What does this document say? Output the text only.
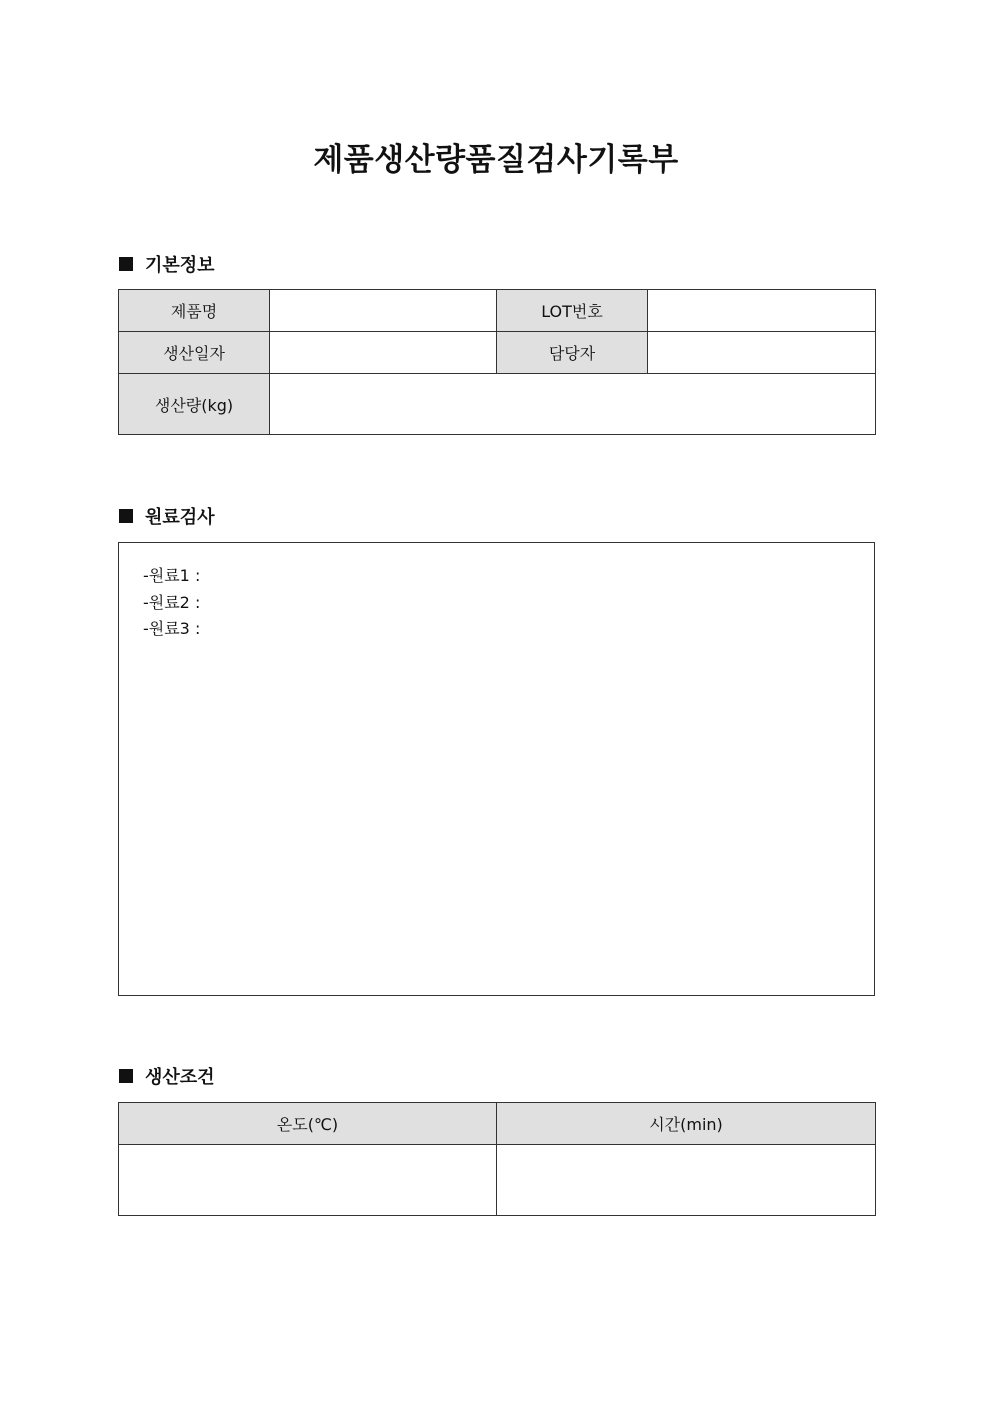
제품생산량품질검사기록부
기본정보
제품명		LOT번호	
생산일자		담당자	
생산량(kg)			
원료검사
-원료1 :
-원료2 :
-원료3 :
생산조건
온도(℃)	시간(min)
